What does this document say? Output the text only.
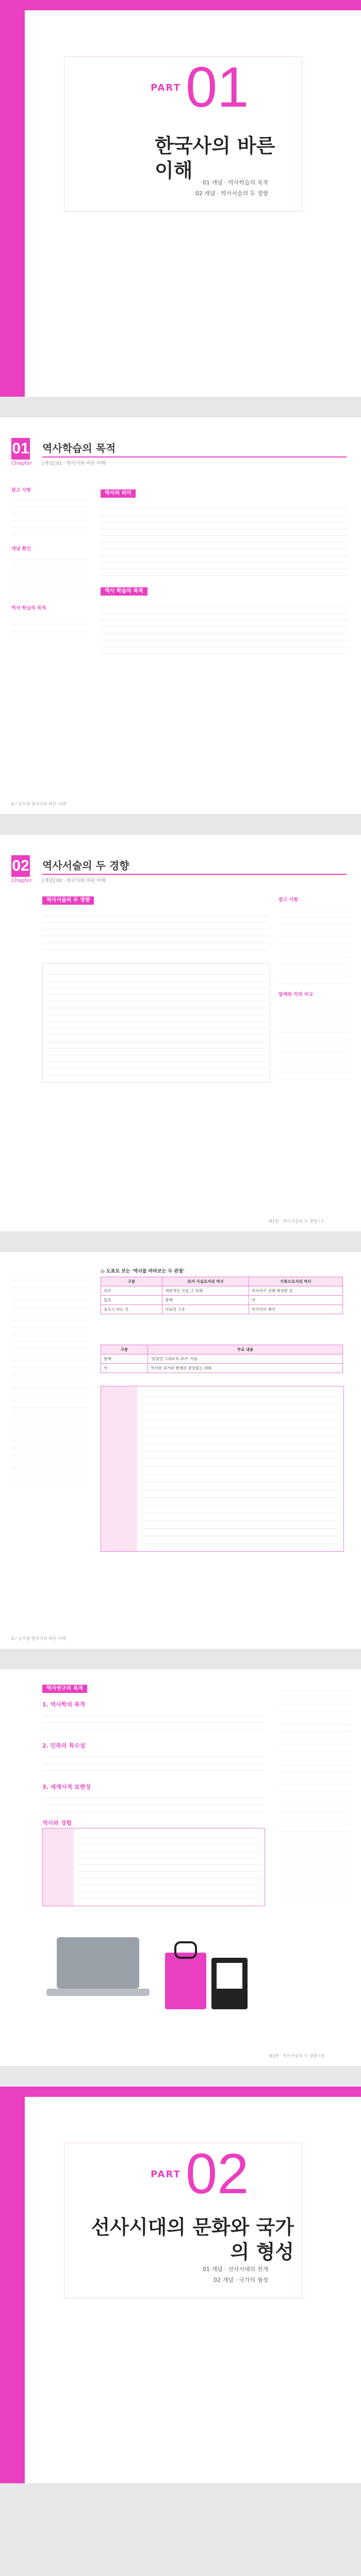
PART 01
한국사의 바른 이해
01 개념 · 역사학습의 목적
02 개념 · 역사서술의 두 경향
01
Chapter
역사학습의 목적
[개념] 01 · 한국사와 바른 이해
참고 사항
개념 확인
역사 학습의 목적
역사의 의미
역사 학습의 목적
6 / 공무원 한국사의 바른 이해
02
Chapter
역사서술의 두 경향
[개념] 02 · 한국사와 바른 이해
역사서술의 두 경향	참고 사항
랑케와 카의 비교
제1편 · 역사서술의 두 경향 / 7
◎ 도표로 보는 '역사를 바라보는 두 관점'
구분	과거 사실로서의 역사	기록으로서의 역사
의미	객관적인 사실 그 자체	역사가가 선택·해석한 것
입장	랑케	카
중요시 하는 것	사료의 고증	역사가의 해석
구분	주요 내용
랑케	'있었던 그대로의 과거' 서술
카	역사란 과거와 현재의 끊임없는 대화
6 / 공무원 한국사의 바른 이해
역사연구의 목적
1. 역사학의 목적
2. 민족의 특수성
3. 세계사적 보편성
역사와 경험
제1편 · 역사서술의 두 경향 / 9
PART 02
선사시대의 문화와 국가의 형성
01 개념 · 선사시대의 전개
02 개념 · 국가의 형성
